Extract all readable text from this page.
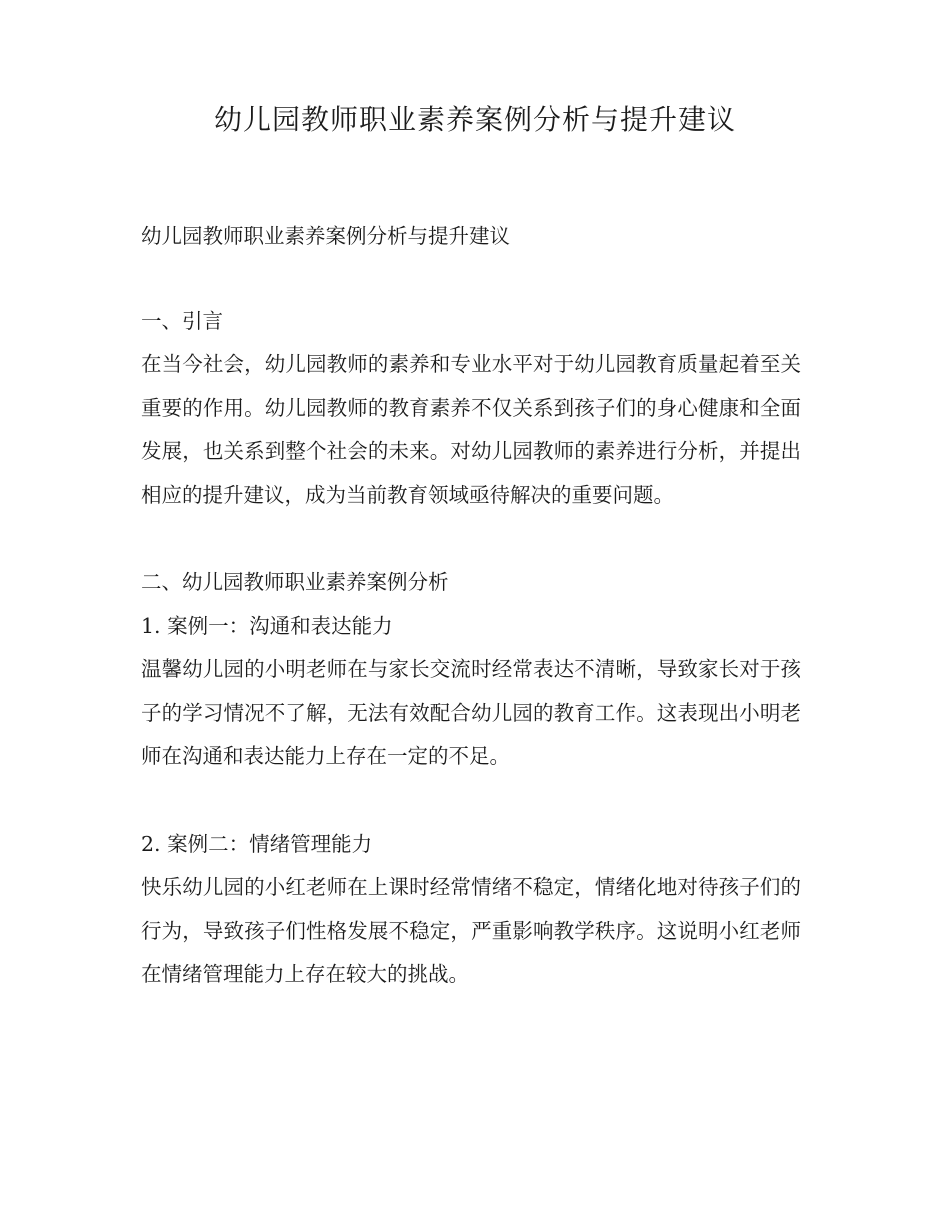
幼儿园教师职业素养案例分析与提升建议

幼儿园教师职业素养案例分析与提升建议

一、引言

在当今社会，幼儿园教师的素养和专业水平对于幼儿园教育质量起着至关重要的作用。幼儿园教师的教育素养不仅关系到孩子们的身心健康和全面发展，也关系到整个社会的未来。对幼儿园教师的素养进行分析，并提出相应的提升建议，成为当前教育领域亟待解决的重要问题。

二、幼儿园教师职业素养案例分析

1. 案例一：沟通和表达能力

温馨幼儿园的小明老师在与家长交流时经常表达不清晰，导致家长对于孩子的学习情况不了解，无法有效配合幼儿园的教育工作。这表现出小明老师在沟通和表达能力上存在一定的不足。

2. 案例二：情绪管理能力

快乐幼儿园的小红老师在上课时经常情绪不稳定，情绪化地对待孩子们的行为，导致孩子们性格发展不稳定，严重影响教学秩序。这说明小红老师在情绪管理能力上存在较大的挑战。
